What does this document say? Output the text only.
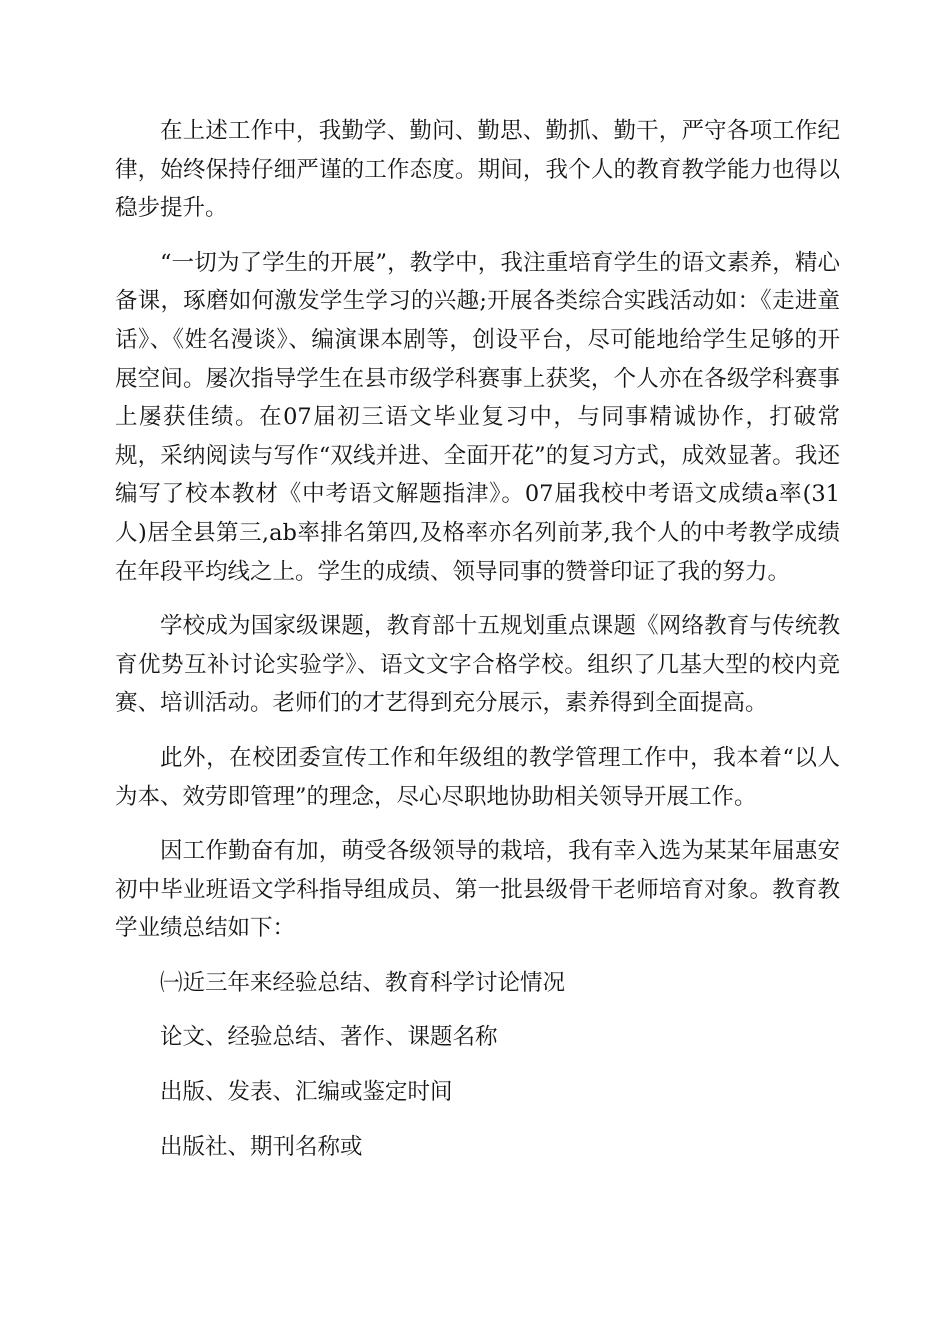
在上述工作中，我勤学、勤问、勤思、勤抓、勤干，严守各项工作纪律，始终保持仔细严谨的工作态度。期间，我个人的教育教学能力也得以稳步提升。

“一切为了学生的开展”，教学中，我注重培育学生的语文素养，精心备课，琢磨如何激发学生学习的兴趣;开展各类综合实践活动如：《走进童话》、《姓名漫谈》、编演课本剧等，创设平台，尽可能地给学生足够的开展空间。屡次指导学生在县市级学科赛事上获奖，个人亦在各级学科赛事上屡获佳绩。在07届初三语文毕业复习中，与同事精诚协作，打破常规，采纳阅读与写作“双线并进、全面开花”的复习方式，成效显著。我还编写了校本教材《中考语文解题指津》。07届我校中考语文成绩a率(31人)居全县第三,ab率排名第四,及格率亦名列前茅,我个人的中考教学成绩在年段平均线之上。学生的成绩、领导同事的赞誉印证了我的努力。

学校成为国家级课题，教育部十五规划重点课题《网络教育与传统教育优势互补讨论实验学》、语文文字合格学校。组织了几基大型的校内竞赛、培训活动。老师们的才艺得到充分展示，素养得到全面提高。

此外，在校团委宣传工作和年级组的教学管理工作中，我本着“以人为本、效劳即管理”的理念，尽心尽职地协助相关领导开展工作。

因工作勤奋有加，萌受各级领导的栽培，我有幸入选为某某年届惠安初中毕业班语文学科指导组成员、第一批县级骨干老师培育对象。教育教学业绩总结如下：

㈠近三年来经验总结、教育科学讨论情况

论文、经验总结、著作、课题名称

出版、发表、汇编或鉴定时间

出版社、期刊名称或
